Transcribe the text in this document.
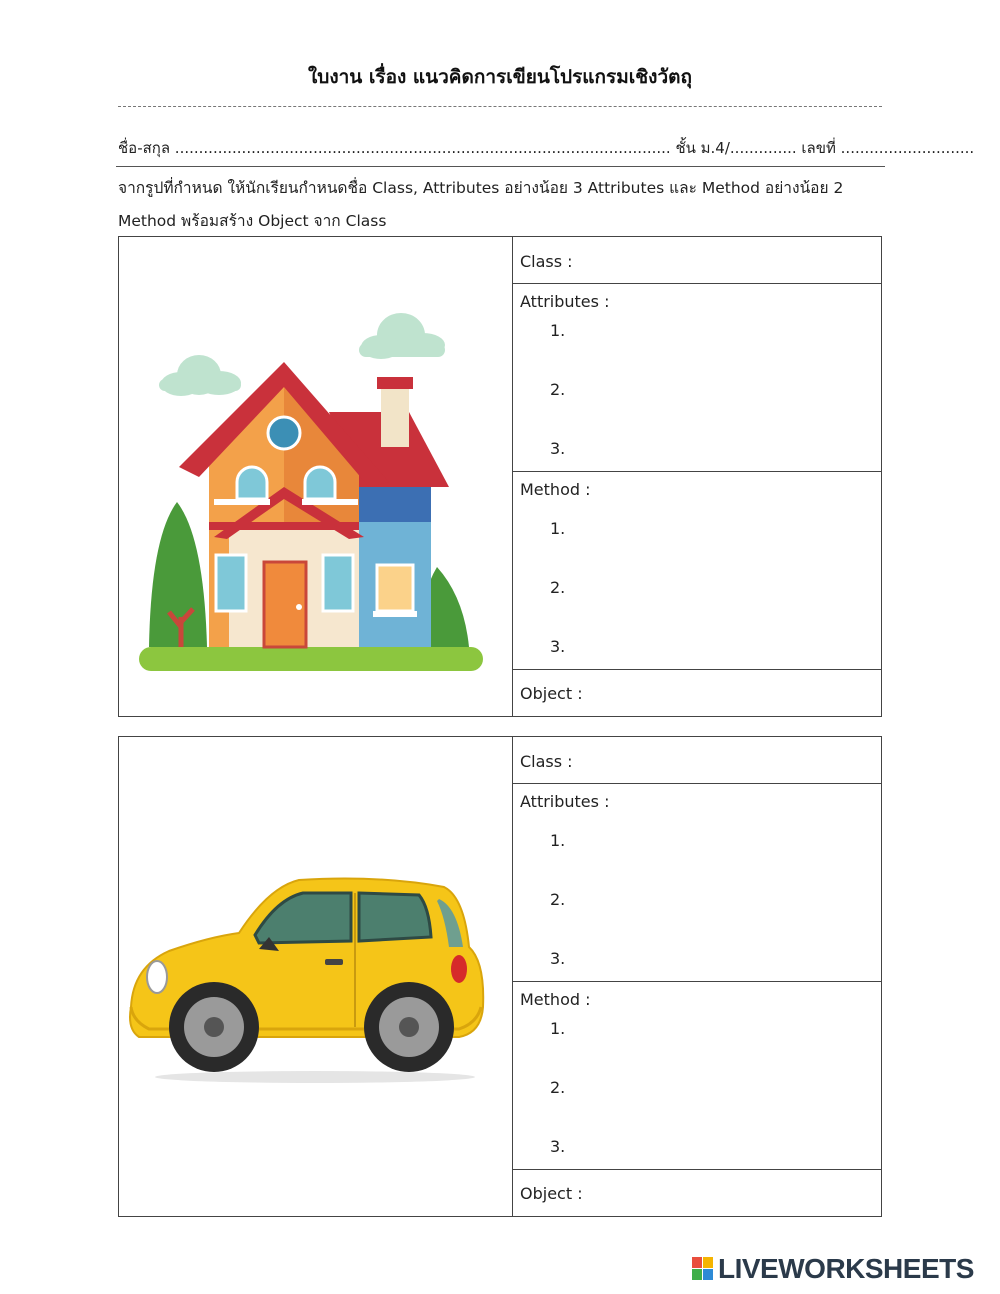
ใบงาน เรื่อง แนวคิดการเขียนโปรแกรมเชิงวัตถุ
ชื่อ-สกุล ........................................................................................................ ชั้น ม.4/.............. เลขที่ ............................
จากรูปที่กำหนด ให้นักเรียนกำหนดชื่อ Class, Attributes อย่างน้อย 3 Attributes และ Method อย่างน้อย 2 Method พร้อมสร้าง Object จาก Class
Class :
Attributes :
1.
2.
3.
Method :
1.
2.
3.
Object :
Class :
Attributes :
1.
2.
3.
Method :
1.
2.
3.
Object :
LIVEWORKSHEETS
